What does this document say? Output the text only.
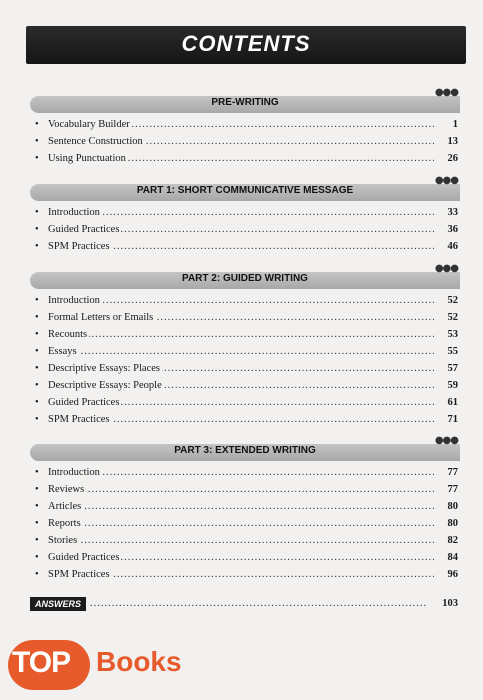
CONTENTS
PRE-WRITING
●●●
• Vocabulary Builder .....	1
• Sentence Construction .....	13
• Using Punctuation .....	26
PART 1: SHORT COMMUNICATIVE MESSAGE
●●●
• Introduction .....	33
• Guided Practices .....	36
• SPM Practices .....	46
PART 2: GUIDED WRITING
●●●
• Introduction .....	52
• Formal Letters or Emails .....	52
• Recounts .....	53
• Essays .....	55
• Descriptive Essays: Places .....	57
• Descriptive Essays: People .....	59
• Guided Practices .....	61
• SPM Practices .....	71
PART 3: EXTENDED WRITING
●●●
• Introduction .....	77
• Reviews .....	77
• Articles .....	80
• Reports .....	80
• Stories .....	82
• Guided Practices .....	84
• SPM Practices .....	96
ANSWERS .....	103
TOP Books
